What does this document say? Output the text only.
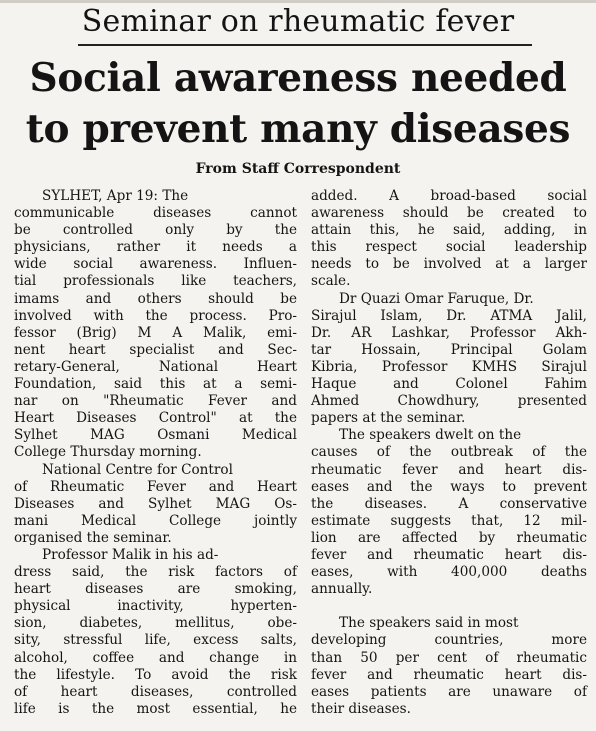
Seminar on rheumatic fever
Social awareness needed
to prevent many diseases
From Staff Correspondent
SYLHET, Apr 19: The
communicable diseases cannot
be controlled only by the
physicians, rather it needs a
wide social awareness. Influen-
tial professionals like teachers,
imams and others should be
involved with the process. Pro-
fessor (Brig) M A Malik, emi-
nent heart specialist and Sec-
retary-General, National Heart
Foundation, said this at a semi-
nar on "Rheumatic Fever and
Heart Diseases Control" at the
Sylhet MAG Osmani Medical
College Thursday morning.
National Centre for Control
of Rheumatic Fever and Heart
Diseases and Sylhet MAG Os-
mani Medical College jointly
organised the seminar.
Professor Malik in his ad-
dress said, the risk factors of
heart diseases are smoking,
physical inactivity, hyperten-
sion, diabetes, mellitus, obe-
sity, stressful life, excess salts,
alcohol, coffee and change in
the lifestyle. To avoid the risk
of heart diseases, controlled
life is the most essential, he
added. A broad-based social
awareness should be created to
attain this, he said, adding, in
this respect social leadership
needs to be involved at a larger
scale.
Dr Quazi Omar Faruque, Dr.
Sirajul Islam, Dr. ATMA Jalil,
Dr. AR Lashkar, Professor Akh-
tar Hossain, Principal Golam
Kibria, Professor KMHS Sirajul
Haque and Colonel Fahim
Ahmed Chowdhury, presented
papers at the seminar.
The speakers dwelt on the
causes of the outbreak of the
rheumatic fever and heart dis-
eases and the ways to prevent
the diseases. A conservative
estimate suggests that, 12 mil-
lion are affected by rheumatic
fever and rheumatic heart dis-
eases, with 400,000 deaths
annually.

The speakers said in most
developing countries, more
than 50 per cent of rheumatic
fever and rheumatic heart dis-
eases patients are unaware of
their diseases.
